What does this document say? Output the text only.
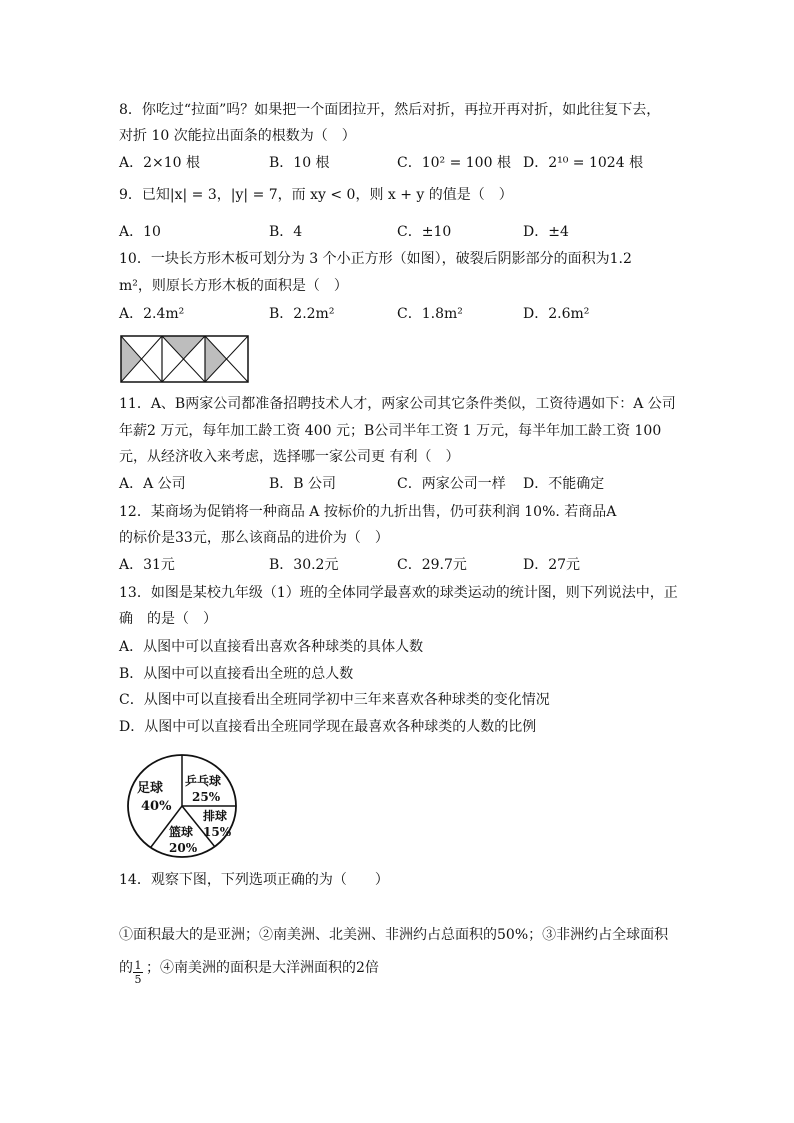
8．你吃过“拉面”吗？如果把一个面团拉开，然后对折，再拉开再对折，如此往复下去，
对折 10 次能拉出面条的根数为（　）
A．2×10 根	B．10 根	C．10² = 100 根 D．2¹⁰ = 1024 根
9．已知|x| = 3，|y| = 7，而 xy < 0，则 x + y 的值是（　）
A．10	B．4	C．±10	D．±4
10．一块长方形木板可划分为 3 个小正方形（如图），破裂后阴影部分的面积为1.2
m²，则原长方形木板的面积是（　）
A．2.4m²	B．2.2m²	C．1.8m²	D．2.6m²
11．A、B两家公司都准备招聘技术人才，两家公司其它条件类似，工资待遇如下：A 公司
年薪2 万元，每年加工龄工资 400 元；B公司半年工资 1 万元，每半年加工龄工资 100
元，从经济收入来考虑，选择哪一家公司更 有利（　）
A．A 公司	B．B 公司	C．两家公司一样 D．不能确定
12．某商场为促销将一种商品 A 按标价的九折出售，仍可获利润 10%. 若商品A
的标价是33元，那么该商品的进价为（　）
A．31元	B．30.2元	C．29.7元	D．27元
13．如图是某校九年级（1）班的全体同学最喜欢的球类运动的统计图，则下列说法中，正
确　的是（　）
A．从图中可以直接看出喜欢各种球类的具体人数
B．从图中可以直接看出全班的总人数
C．从图中可以直接看出全班同学初中三年来喜欢各种球类的变化情况
D．从图中可以直接看出全班同学现在最喜欢各种球类的人数的比例
足球
40%
乒乓球
25%
排球
15%
篮球
20%
14．观察下图，下列选项正确的为（　　）
①面积最大的是亚洲；②南美洲、北美洲、非洲约占总面积的50%；③非洲约占全球面积
的 1
5
；④南美洲的面积是大洋洲面积的2倍
